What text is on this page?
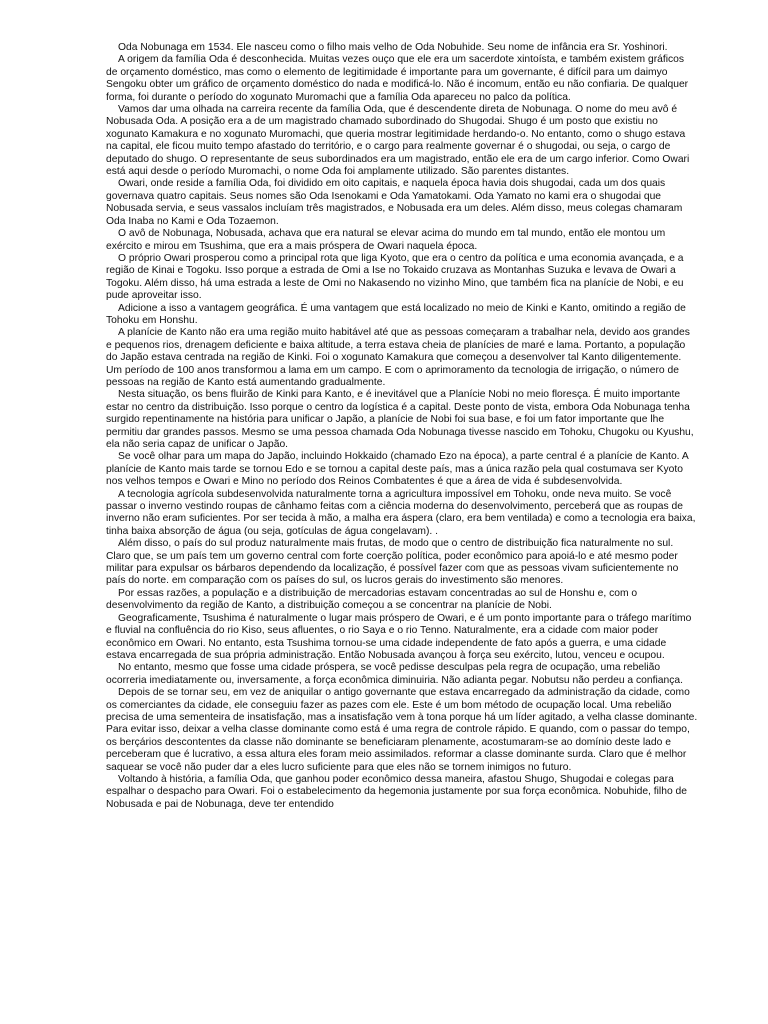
Oda Nobunaga em 1534. Ele nasceu como o filho mais velho de Oda Nobuhide. Seu nome de infância era Sr. Yoshinori.

A origem da família Oda é desconhecida. Muitas vezes ouço que ele era um sacerdote xintoísta, e também existem gráficos de orçamento doméstico, mas como o elemento de legitimidade é importante para um governante, é difícil para um daimyo Sengoku obter um gráfico de orçamento doméstico do nada e modificá-lo. Não é incomum, então eu não confiaria. De qualquer forma, foi durante o período do xogunato Muromachi que a família Oda apareceu no palco da política.

Vamos dar uma olhada na carreira recente da família Oda, que é descendente direta de Nobunaga. O nome do meu avô é Nobusada Oda. A posição era a de um magistrado chamado subordinado do Shugodai. Shugo é um posto que existiu no xogunato Kamakura e no xogunato Muromachi, que queria mostrar legitimidade herdando-o. No entanto, como o shugo estava na capital, ele ficou muito tempo afastado do território, e o cargo para realmente governar é o shugodai, ou seja, o cargo de deputado do shugo. O representante de seus subordinados era um magistrado, então ele era de um cargo inferior. Como Owari está aqui desde o período Muromachi, o nome Oda foi amplamente utilizado. São parentes distantes.

Owari, onde reside a família Oda, foi dividido em oito capitais, e naquela época havia dois shugodai, cada um dos quais governava quatro capitais. Seus nomes são Oda Isenokami e Oda Yamatokami. Oda Yamato no kami era o shugodai que Nobusada servia, e seus vassalos incluíam três magistrados, e Nobusada era um deles. Além disso, meus colegas chamaram Oda Inaba no Kami e Oda Tozaemon.

O avô de Nobunaga, Nobusada, achava que era natural se elevar acima do mundo em tal mundo, então ele montou um exército e mirou em Tsushima, que era a mais próspera de Owari naquela época.

O próprio Owari prosperou como a principal rota que liga Kyoto, que era o centro da política e uma economia avançada, e a região de Kinai e Togoku. Isso porque a estrada de Omi a Ise no Tokaido cruzava as Montanhas Suzuka e levava de Owari a Togoku. Além disso, há uma estrada a leste de Omi no Nakasendo no vizinho Mino, que também fica na planície de Nobi, e eu pude aproveitar isso.

Adicione a isso a vantagem geográfica. É uma vantagem que está localizado no meio de Kinki e Kanto, omitindo a região de Tohoku em Honshu.

A planície de Kanto não era uma região muito habitável até que as pessoas começaram a trabalhar nela, devido aos grandes e pequenos rios, drenagem deficiente e baixa altitude, a terra estava cheia de planícies de maré e lama. Portanto, a população do Japão estava centrada na região de Kinki. Foi o xogunato Kamakura que começou a desenvolver tal Kanto diligentemente. Um período de 100 anos transformou a lama em um campo. E com o aprimoramento da tecnologia de irrigação, o número de pessoas na região de Kanto está aumentando gradualmente.

Nesta situação, os bens fluirão de Kinki para Kanto, e é inevitável que a Planície Nobi no meio floresça. É muito importante estar no centro da distribuição. Isso porque o centro da logística é a capital. Deste ponto de vista, embora Oda Nobunaga tenha surgido repentinamente na história para unificar o Japão, a planície de Nobi foi sua base, e foi um fator importante que lhe permitiu dar grandes passos. Mesmo se uma pessoa chamada Oda Nobunaga tivesse nascido em Tohoku, Chugoku ou Kyushu, ela não seria capaz de unificar o Japão.

Se você olhar para um mapa do Japão, incluindo Hokkaido (chamado Ezo na época), a parte central é a planície de Kanto. A planície de Kanto mais tarde se tornou Edo e se tornou a capital deste país, mas a única razão pela qual costumava ser Kyoto nos velhos tempos e Owari e Mino no período dos Reinos Combatentes é que a área de vida é subdesenvolvida.

A tecnologia agrícola subdesenvolvida naturalmente torna a agricultura impossível em Tohoku, onde neva muito. Se você passar o inverno vestindo roupas de cânhamo feitas com a ciência moderna do desenvolvimento, perceberá que as roupas de inverno não eram suficientes. Por ser tecida à mão, a malha era áspera (claro, era bem ventilada) e como a tecnologia era baixa, tinha baixa absorção de água (ou seja, gotículas de água congelavam). .

Além disso, o país do sul produz naturalmente mais frutas, de modo que o centro de distribuição fica naturalmente no sul. Claro que, se um país tem um governo central com forte coerção política, poder econômico para apoiá-lo e até mesmo poder militar para expulsar os bárbaros dependendo da localização, é possível fazer com que as pessoas vivam suficientemente no país do norte. em comparação com os países do sul, os lucros gerais do investimento são menores.

Por essas razões, a população e a distribuição de mercadorias estavam concentradas ao sul de Honshu e, com o desenvolvimento da região de Kanto, a distribuição começou a se concentrar na planície de Nobi.

Geograficamente, Tsushima é naturalmente o lugar mais próspero de Owari, e é um ponto importante para o tráfego marítimo e fluvial na confluência do rio Kiso, seus afluentes, o rio Saya e o rio Tenno. Naturalmente, era a cidade com maior poder econômico em Owari. No entanto, esta Tsushima tornou-se uma cidade independente de fato após a guerra, e uma cidade estava encarregada de sua própria administração. Então Nobusada avançou à força seu exército, lutou, venceu e ocupou.

No entanto, mesmo que fosse uma cidade próspera, se você pedisse desculpas pela regra de ocupação, uma rebelião ocorreria imediatamente ou, inversamente, a força econômica diminuiria. Não adianta pegar. Nobutsu não perdeu a confiança.

Depois de se tornar seu, em vez de aniquilar o antigo governante que estava encarregado da administração da cidade, como os comerciantes da cidade, ele conseguiu fazer as pazes com ele. Este é um bom método de ocupação local. Uma rebelião precisa de uma sementeira de insatisfação, mas a insatisfação vem à tona porque há um líder agitado, a velha classe dominante. Para evitar isso, deixar a velha classe dominante como está é uma regra de controle rápido. E quando, com o passar do tempo, os berçários descontentes da classe não dominante se beneficiaram plenamente, acostumaram-se ao domínio deste lado e perceberam que é lucrativo, a essa altura eles foram meio assimilados. reformar a classe dominante surda. Claro que é melhor saquear se você não puder dar a eles lucro suficiente para que eles não se tornem inimigos no futuro.

Voltando à história, a família Oda, que ganhou poder econômico dessa maneira, afastou Shugo, Shugodai e colegas para espalhar o despacho para Owari. Foi o estabelecimento da hegemonia justamente por sua força econômica. Nobuhide, filho de Nobusada e pai de Nobunaga, deve ter entendido
